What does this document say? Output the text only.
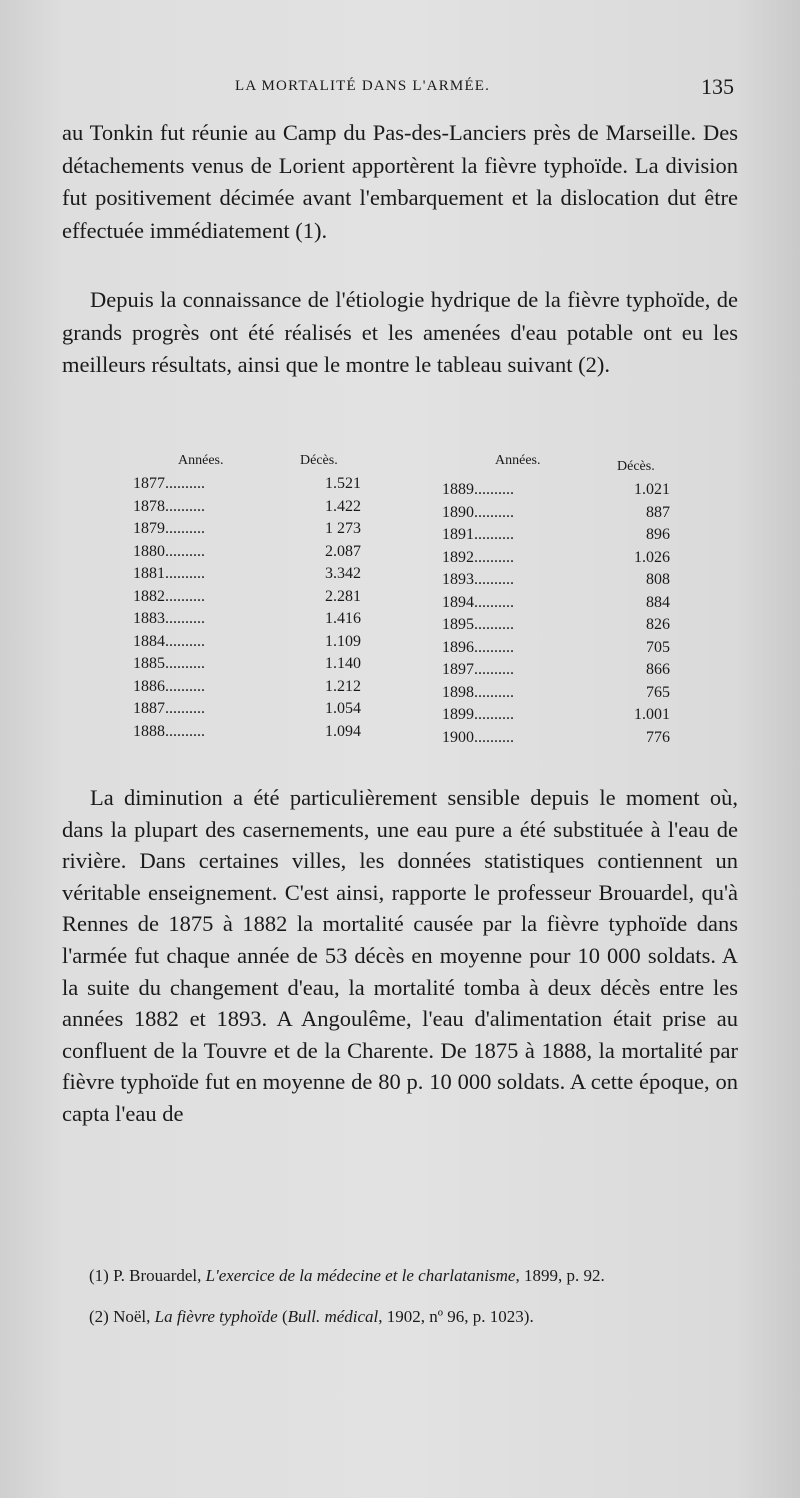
LA MORTALITÉ DANS L'ARMÉE.	135

au Tonkin fut réunie au Camp du Pas-des-Lanciers près de Marseille. Des détachements venus de Lorient apportèrent la fièvre typhoïde. La division fut positivement décimée avant l'embarquement et la dislocation dut être effectuée immédiatement (1).

Depuis la connaissance de l'étiologie hydrique de la fièvre typhoïde, de grands progrès ont été réalisés et les amenées d'eau potable ont eu les meilleurs résultats, ainsi que le montre le tableau suivant (2).

Années.	Décès.	Années.	Décès.
1877..........	1.521
1878..........	1.422
1879..........	1 273
1880..........	2.087
1881..........	3.342
1882..........	2.281
1883..........	1.416
1884..........	1.109
1885..........	1.140
1886..........	1.212
1887..........	1.054
1888..........	1.094
1889..........	1.021
1890..........	887
1891..........	896
1892..........	1.026
1893..........	808
1894..........	884
1895..........	826
1896..........	705
1897..........	866
1898..........	765
1899..........	1.001
1900..........	776

La diminution a été particulièrement sensible depuis le moment où, dans la plupart des casernements, une eau pure a été substituée à l'eau de rivière. Dans certaines villes, les données statistiques contiennent un véritable enseignement. C'est ainsi, rapporte le professeur Brouardel, qu'à Rennes de 1875 à 1882 la mortalité causée par la fièvre typhoïde dans l'armée fut chaque année de 53 décès en moyenne pour 10 000 soldats. A la suite du changement d'eau, la mortalité tomba à deux décès entre les années 1882 et 1893. A Angoulême, l'eau d'alimentation était prise au confluent de la Touvre et de la Charente. De 1875 à 1888, la mortalité par fièvre typhoïde fut en moyenne de 80 p. 10 000 soldats. A cette époque, on capta l'eau de

(1) P. Brouardel, L'exercice de la médecine et le charlatanisme, 1899, p. 92.
(2) Noël, La fièvre typhoïde (Bull. médical, 1902, nº 96, p. 1023).
